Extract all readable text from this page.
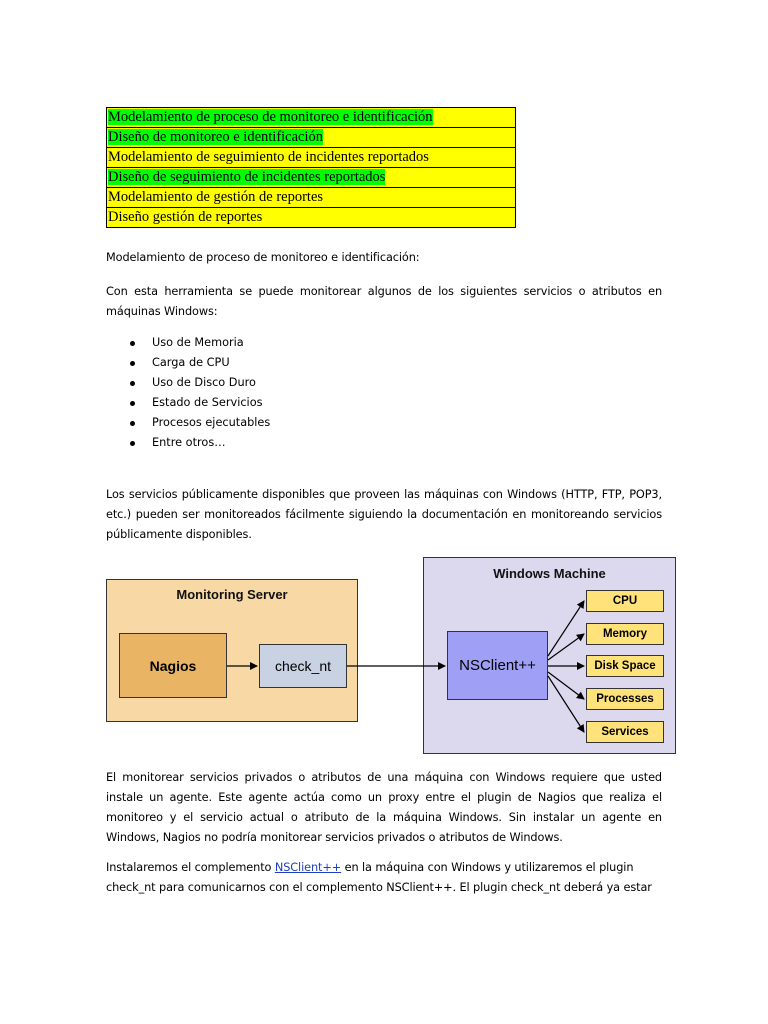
Modelamiento de proceso de monitoreo e identificación
Diseño de monitoreo e identificación
Modelamiento de seguimiento de incidentes reportados
Diseño de seguimiento de incidentes reportados
Modelamiento de gestión de reportes
Diseño gestión de reportes
Modelamiento de proceso de monitoreo e identificación:
Con esta herramienta se puede monitorear algunos de los siguientes servicios o atributos en
máquinas Windows:
Uso de Memoria
Carga de CPU
Uso de Disco Duro
Estado de Servicios
Procesos ejecutables
Entre otros…
Los servicios públicamente disponibles que proveen las máquinas con Windows (HTTP, FTP, POP3,
etc.) pueden ser monitoreados fácilmente siguiendo la documentación en monitoreando servicios
públicamente disponibles.
Monitoring Server
Windows Machine
Nagios	check_nt	NSClient++
CPU
Memory
Disk Space
Processes
Services
El monitorear servicios privados o atributos de una máquina con Windows requiere que usted
instale un agente. Este agente actúa como un proxy entre el plugin de Nagios que realiza el
monitoreo y el servicio actual o atributo de la máquina Windows. Sin instalar un agente en
Windows, Nagios no podría monitorear servicios privados o atributos de Windows.
Instalaremos el complemento NSClient++ en la máquina con Windows y utilizaremos el plugin
check_nt para comunicarnos con el complemento NSClient++. El plugin check_nt deberá ya estar
